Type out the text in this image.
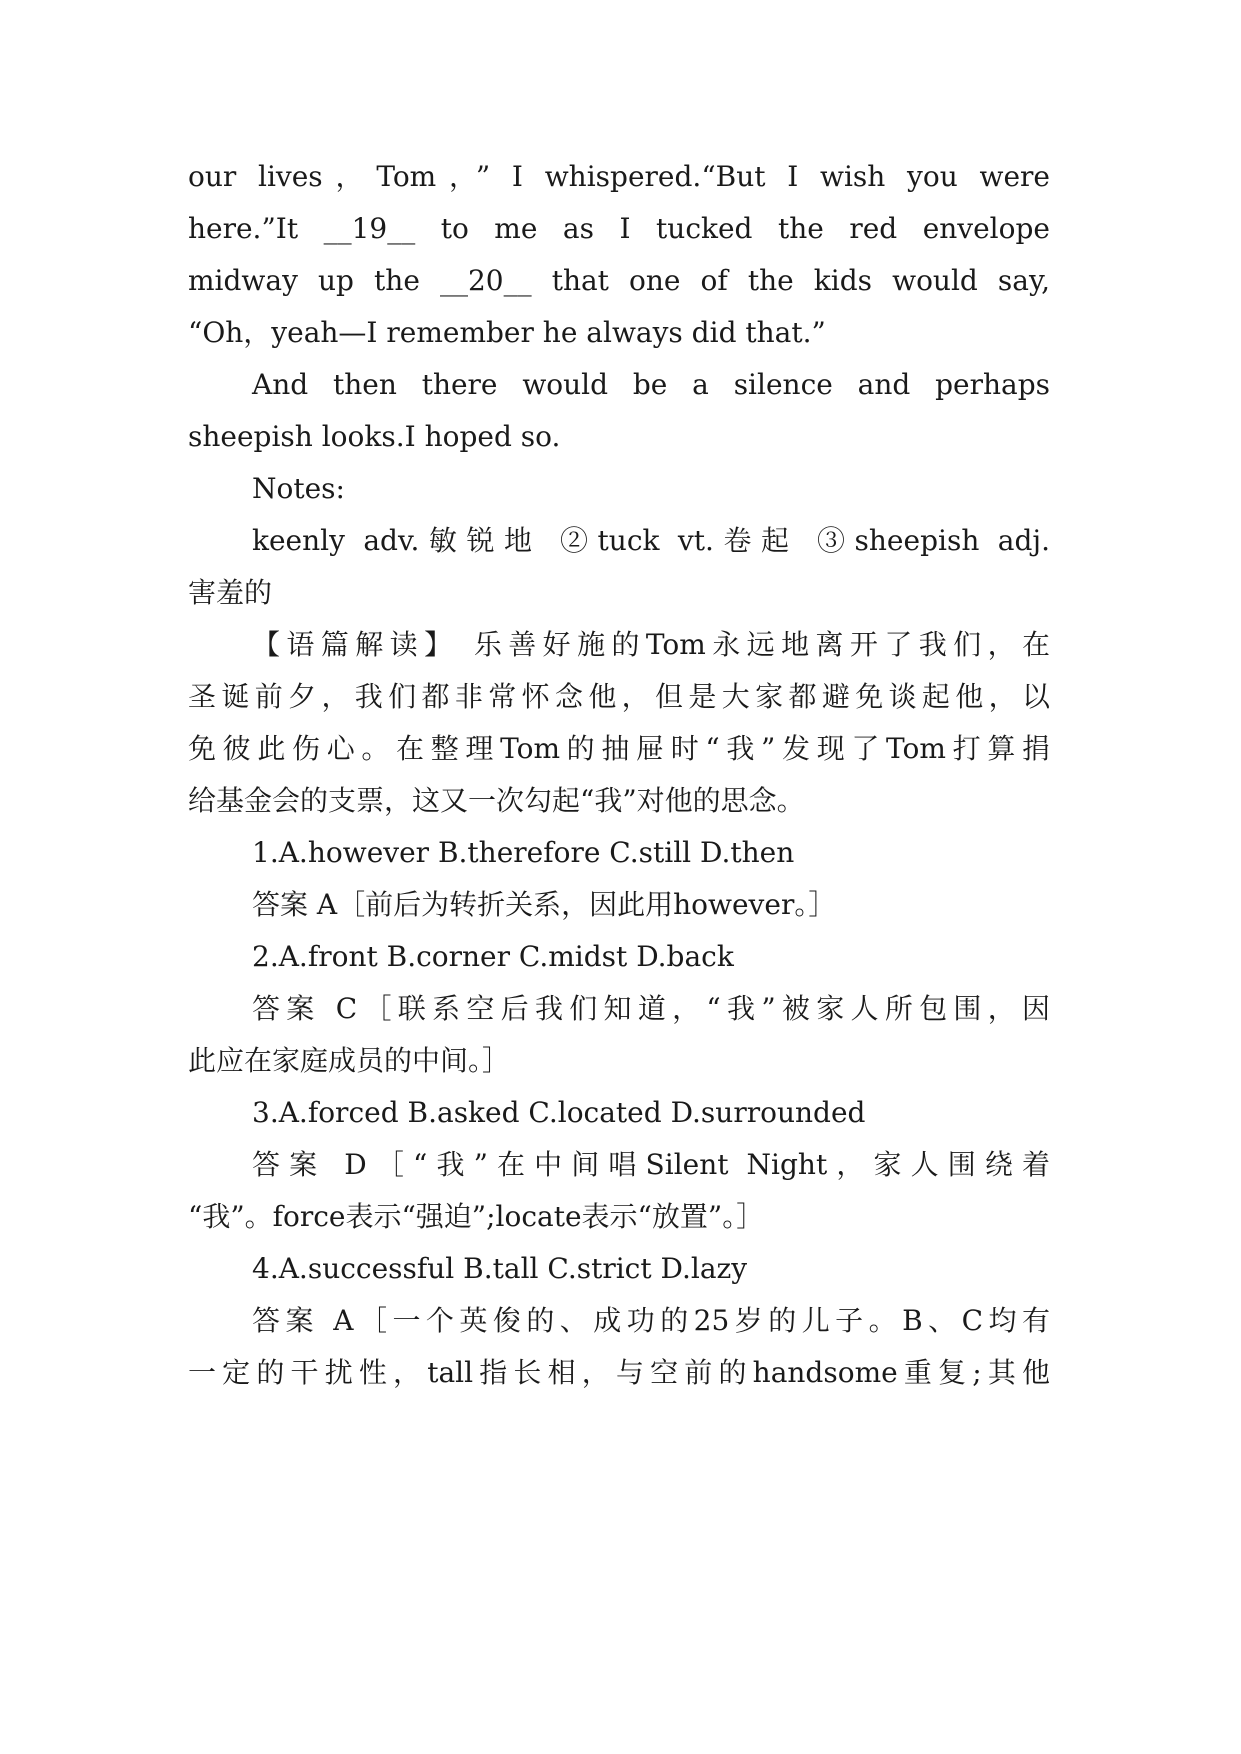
our lives，Tom，” I whispered.“But I wish you were
here.”It __19__ to me as I tucked the red envelope
midway up the __20__ that one of the kids would say,
“Oh，yeah—I remember he always did that.”
And then there would be a silence and perhaps
sheepish looks.I hoped so.
Notes:
keenly adv.敏锐地 ②tuck vt.卷起 ③sheepish adj.
害羞的
【语篇解读】 乐善好施的Tom永远地离开了我们，在
圣诞前夕，我们都非常怀念他，但是大家都避免谈起他，以
免彼此伤心。在整理Tom的抽屉时“我”发现了Tom打算捐
给基金会的支票，这又一次勾起“我”对他的思念。
1.A.however B.therefore C.still D.then
答案 A［前后为转折关系，因此用however。］
2.A.front B.corner C.midst D.back
答案 C［联系空后我们知道，“我”被家人所包围，因
此应在家庭成员的中间。］
3.A.forced B.asked C.located D.surrounded
答案 D［“我”在中间唱Silent Night，家人围绕着
“我”。force表示“强迫”;locate表示“放置”。］
4.A.successful B.tall C.strict D.lazy
答案 A［一个英俊的、成功的25岁的儿子。B、C均有
一定的干扰性，tall指长相，与空前的handsome重复;其他
